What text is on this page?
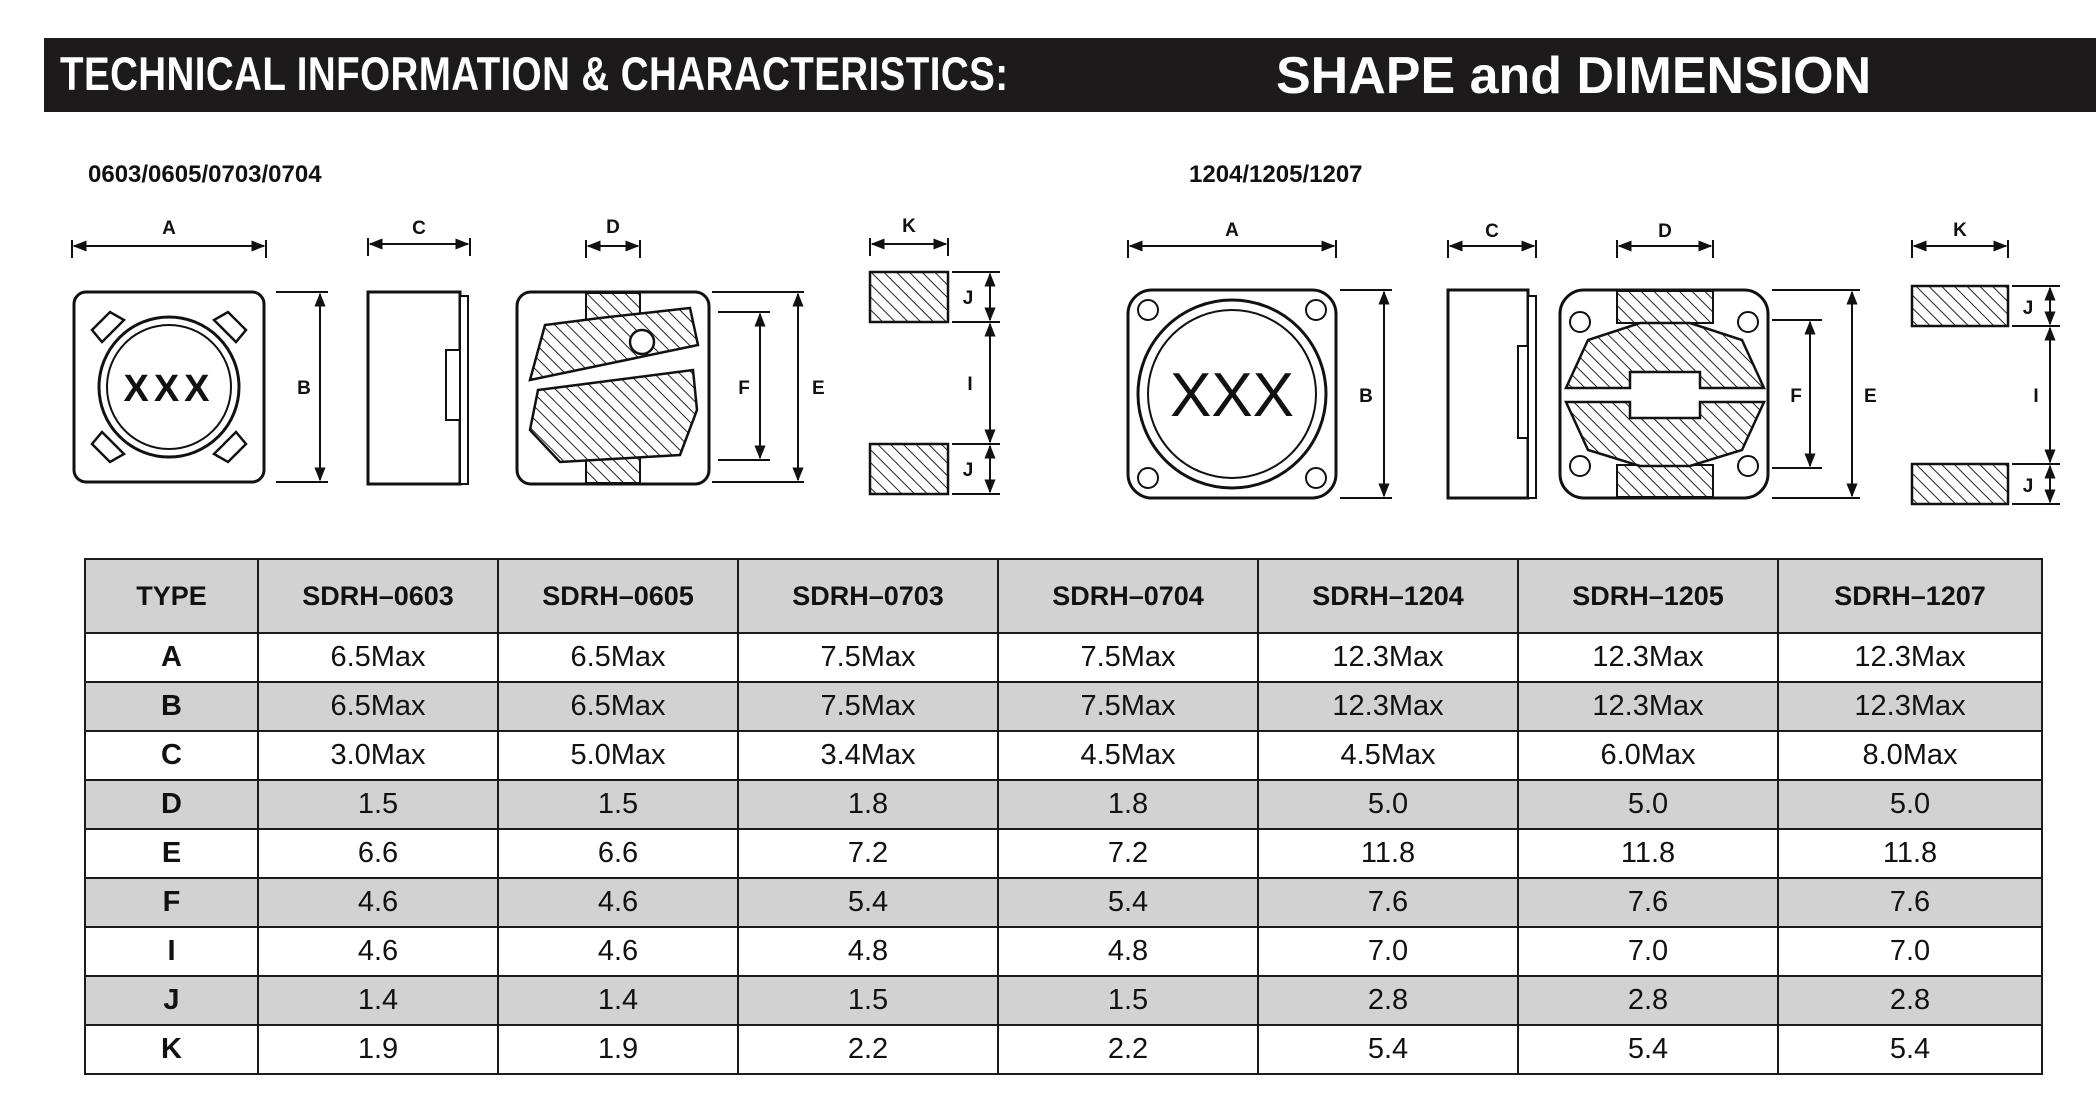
TECHNICAL INFORMATION & CHARACTERISTICS:	SHAPE and DIMENSION
0603/0605/0703/0704	1204/1205/1207
A
XXX	B
C	D
F	E
K
J
I
J
A
XXX	B
C	D
F	E
K
J
I
J
TYPE	SDRH–0603	SDRH–0605	SDRH–0703	SDRH–0704	SDRH–1204	SDRH–1205	SDRH–1207
A	6.5Max	6.5Max	7.5Max	7.5Max	12.3Max	12.3Max	12.3Max
B	6.5Max	6.5Max	7.5Max	7.5Max	12.3Max	12.3Max	12.3Max
C	3.0Max	5.0Max	3.4Max	4.5Max	4.5Max	6.0Max	8.0Max
D	1.5	1.5	1.8	1.8	5.0	5.0	5.0
E	6.6	6.6	7.2	7.2	11.8	11.8	11.8
F	4.6	4.6	5.4	5.4	7.6	7.6	7.6
I	4.6	4.6	4.8	4.8	7.0	7.0	7.0
J	1.4	1.4	1.5	1.5	2.8	2.8	2.8
K	1.9	1.9	2.2	2.2	5.4	5.4	5.4
